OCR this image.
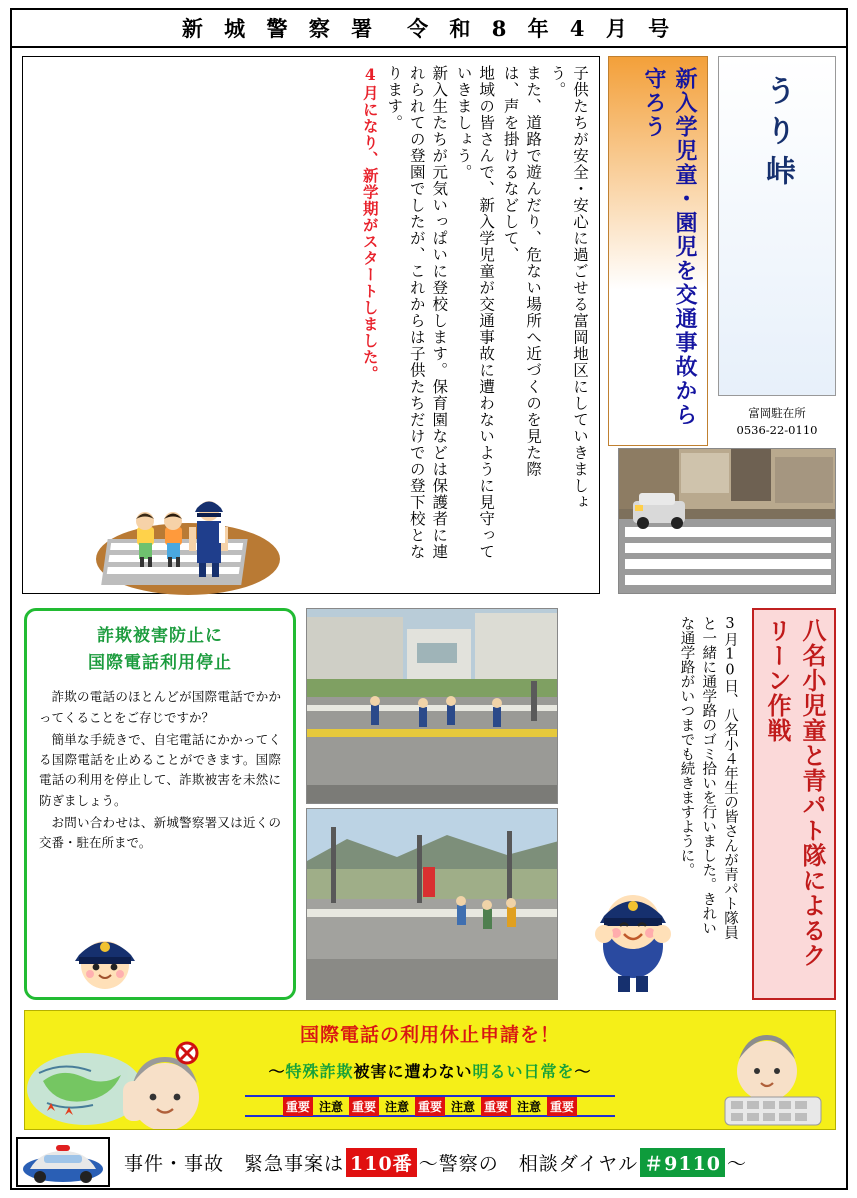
新 城 警 察 署　令 和 8 年 4 月 号
4月になり、新学期がスタートしました。	新入生たちが元気いっぱいに登校します。保育園などは保護者に連れられての登園でしたが、これからは子供たちだけでの登下校となります。	地域の皆さんで、新入学児童が交通事故に遭わないように見守っていきましょう。	また、道路で遊んだり、危ない場所へ近づくのを見た際は、声を掛けるなどして、	子供たちが安全・安心に過ごせる富岡地区にしていきましょう。	新入学児童・園児を交通事故から守ろう	うり峠
富岡駐在所
0536-22-0110
詐欺被害防止に
国際電話利用停止

詐欺の電話のほとんどが国際電話でかかってくることをご存じですか？

簡単な手続きで、自宅電話にかかってくる国際電話を止めることができます。国際電話の利用を停止して、詐欺被害を未然に防ぎましょう。

お問い合わせは、新城警察署又は近くの交番・駐在所まで。	3月10日、八名小４年生の皆さんが青パト隊員と一緒に通学路のゴミ拾いを行いました。きれいな通学路がいつまでも続きますように。	八名小児童と青パト隊によるクリーン作戦
国際電話の利用休止申請を！
〜特殊詐欺被害に遭わない明るい日常を〜
重要 注意 重要 注意 重要 注意 重要 注意 重要
事件・事故　緊急事案は 110番 〜警察の　相談ダイヤル ＃9110 〜
